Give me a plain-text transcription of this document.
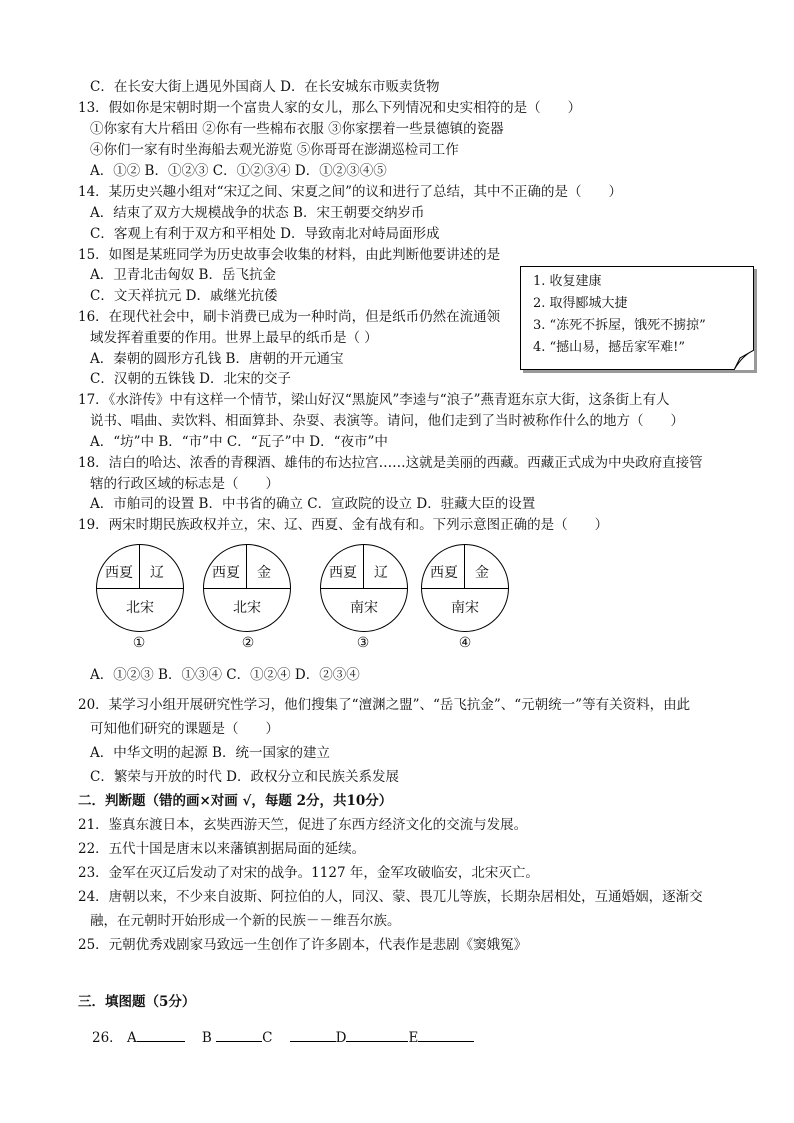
C．在长安大街上遇见外国商人 D．在长安城东市贩卖货物
13．假如你是宋朝时期一个富贵人家的女儿，那么下列情况和史实相符的是（　　）
①你家有大片稻田 ②你有一些棉布衣服 ③你家摆着一些景德镇的瓷器
④你们一家有时坐海船去观光游览 ⑤你哥哥在澎湖巡检司工作
A．①② B．①②③ C．①②③④ D．①②③④⑤
14．某历史兴趣小组对“宋辽之间、宋夏之间”的议和进行了总结，其中不正确的是（　　）
A．结束了双方大规模战争的状态 B．宋王朝要交纳岁币
C．客观上有利于双方和平相处 D．导致南北对峙局面形成
15．如图是某班同学为历史故事会收集的材料，由此判断他要讲述的是
A．卫青北击匈奴 B．岳飞抗金
C．文天祥抗元 D．戚继光抗倭
16．在现代社会中，刷卡消费已成为一种时尚，但是纸币仍然在流通领
域发挥着重要的作用。世界上最早的纸币是（ ）
A．秦朝的圆形方孔钱 B．唐朝的开元通宝
C．汉朝的五铢钱 D．北宋的交子
17．《水浒传》中有这样一个情节，梁山好汉“黑旋风”李逵与“浪子”燕青逛东京大街，这条街上有人
说书、唱曲、卖饮料、相面算卦、杂耍、表演等。请问，他们走到了当时被称作什么的地方（　　）
A．“坊”中 B．“市”中 C．“瓦子”中 D．“夜市”中
18．洁白的哈达、浓香的青稞酒、雄伟的布达拉宫……这就是美丽的西藏。西藏正式成为中央政府直接管
辖的行政区域的标志是（　　）
A．市舶司的设置 B．中书省的确立 C．宣政院的设立 D．驻藏大臣的设置
19．两宋时期民族政权并立，宋、辽、西夏、金有战有和。下列示意图正确的是（　　）
A．①②③ B．①③④ C．①②④ D．②③④
20．某学习小组开展研究性学习，他们搜集了“澶渊之盟”、“岳飞抗金”、“元朝统一”等有关资料，由此
可知他们研究的课题是（　　）
A．中华文明的起源 B．统一国家的建立
C．繁荣与开放的时代 D．政权分立和民族关系发展
二．判断题（错的画×对画 √，每题 2分，共10分）
21．鉴真东渡日本，玄奘西游天竺，促进了东西方经济文化的交流与发展。
22．五代十国是唐末以来藩镇割据局面的延续。
23．金军在灭辽后发动了对宋的战争。1127 年，金军攻破临安，北宋灭亡。
24．唐朝以来，不少来自波斯、阿拉伯的人，同汉、蒙、畏兀儿等族，长期杂居相处，互通婚姻，逐渐交
融，在元朝时开始形成一个新的民族－－维吾尔族。
25．元朝优秀戏剧家马致远一生创作了许多剧本，代表作是悲剧《窦娥冤》
三．填图题（5分）
1. 收复建康
2. 取得郾城大捷
3. “冻死不拆屋，饿死不掳掠”
4. “撼山易，撼岳家军难!”
西夏 辽
北宋
西夏 金
北宋
西夏 辽
南宋
西夏 金
南宋
①	②	③	④
26． A	B	C	D	E
